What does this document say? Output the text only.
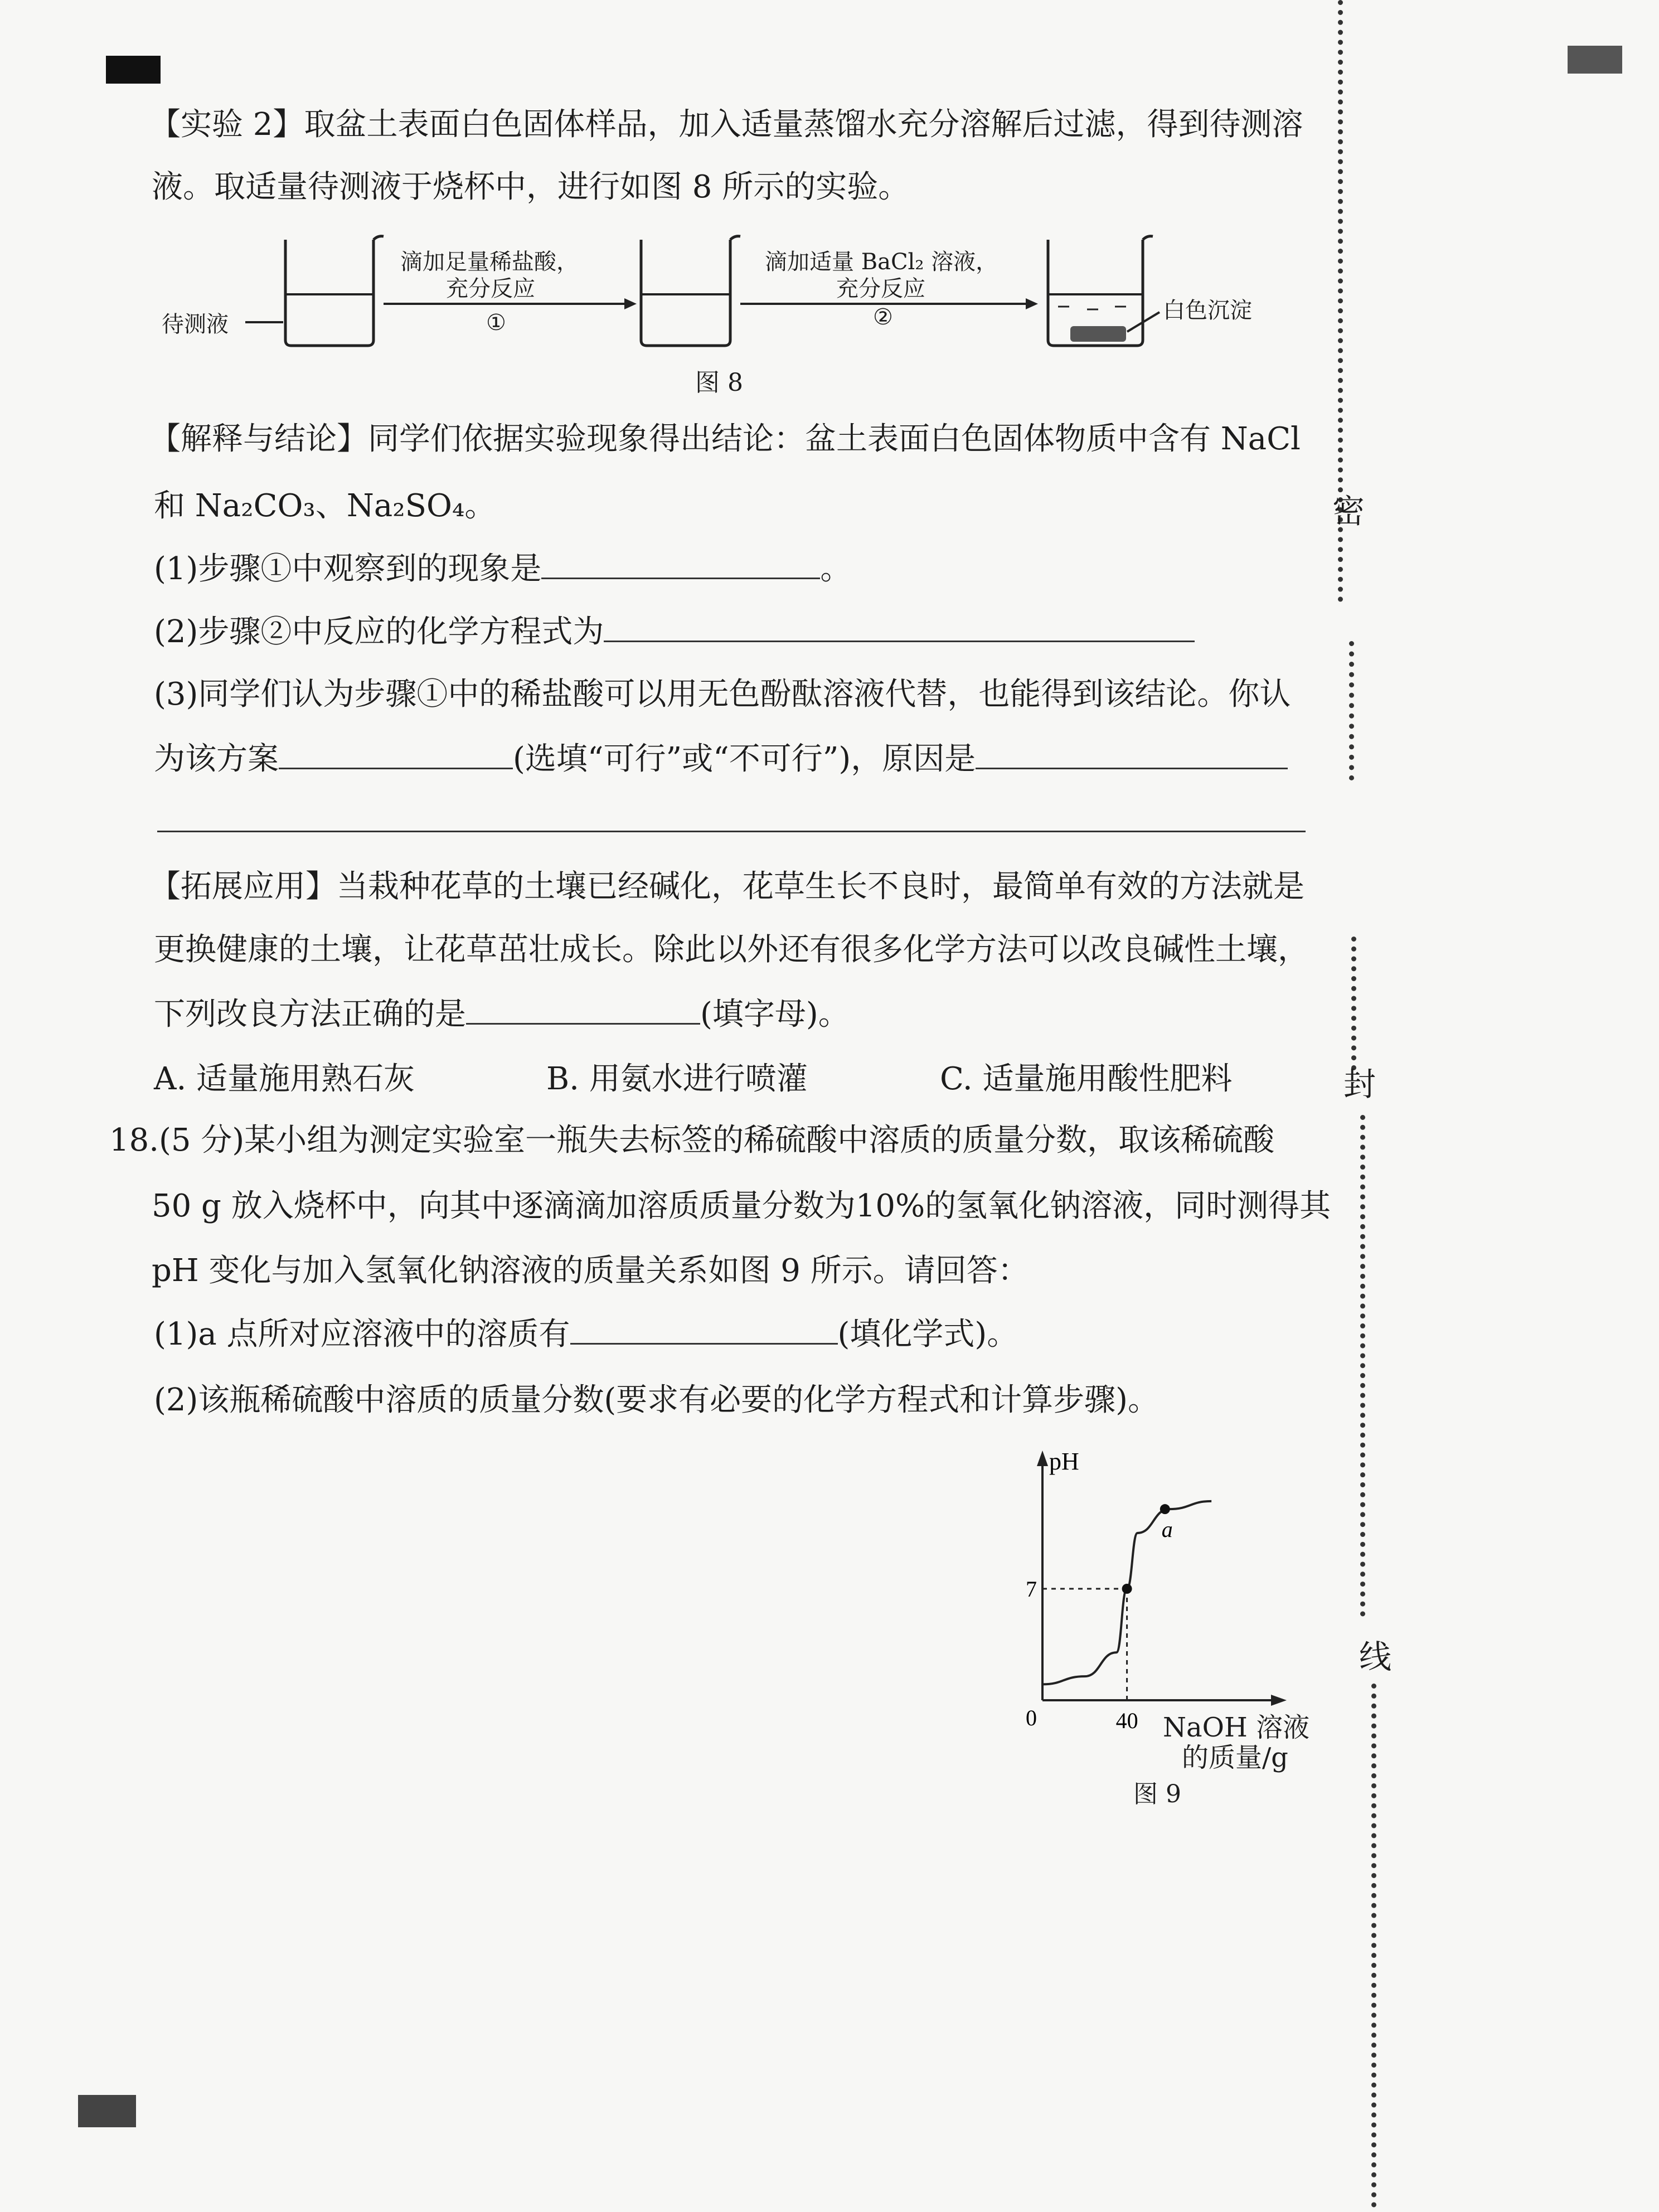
【实验 2】取盆土表面白色固体样品，加入适量蒸馏水充分溶解后过滤，得到待测溶
液。取适量待测液于烧杯中，进行如图 8 所示的实验。
待测液
滴加足量稀盐酸，
充分反应
①
滴加适量 BaCl₂ 溶液，
充分反应
②	白色沉淀
图 8
【解释与结论】同学们依据实验现象得出结论：盆土表面白色固体物质中含有 NaCl
和 Na₂CO₃、Na₂SO₄。
(1)步骤①中观察到的现象是	。
(2)步骤②中反应的化学方程式为
(3)同学们认为步骤①中的稀盐酸可以用无色酚酞溶液代替，也能得到该结论。你认
为该方案	(选填“可行”或“不可行”)，原因是
【拓展应用】当栽种花草的土壤已经碱化，花草生长不良时，最简单有效的方法就是
更换健康的土壤，让花草茁壮成长。除此以外还有很多化学方法可以改良碱性土壤，
下列改良方法正确的是	(填字母)。
A. 适量施用熟石灰	B. 用氨水进行喷灌	C. 适量施用酸性肥料
18.(5 分)某小组为测定实验室一瓶失去标签的稀硫酸中溶质的质量分数，取该稀硫酸
50 g 放入烧杯中，向其中逐滴滴加溶质质量分数为10%的氢氧化钠溶液，同时测得其
pH 变化与加入氢氧化钠溶液的质量关系如图 9 所示。请回答：
(1)a 点所对应溶液中的溶质有	(填化学式)。
(2)该瓶稀硫酸中溶质的质量分数(要求有必要的化学方程式和计算步骤)。
pH
7
0	40
a
NaOH 溶液
的质量/g
图 9
密
封
线
